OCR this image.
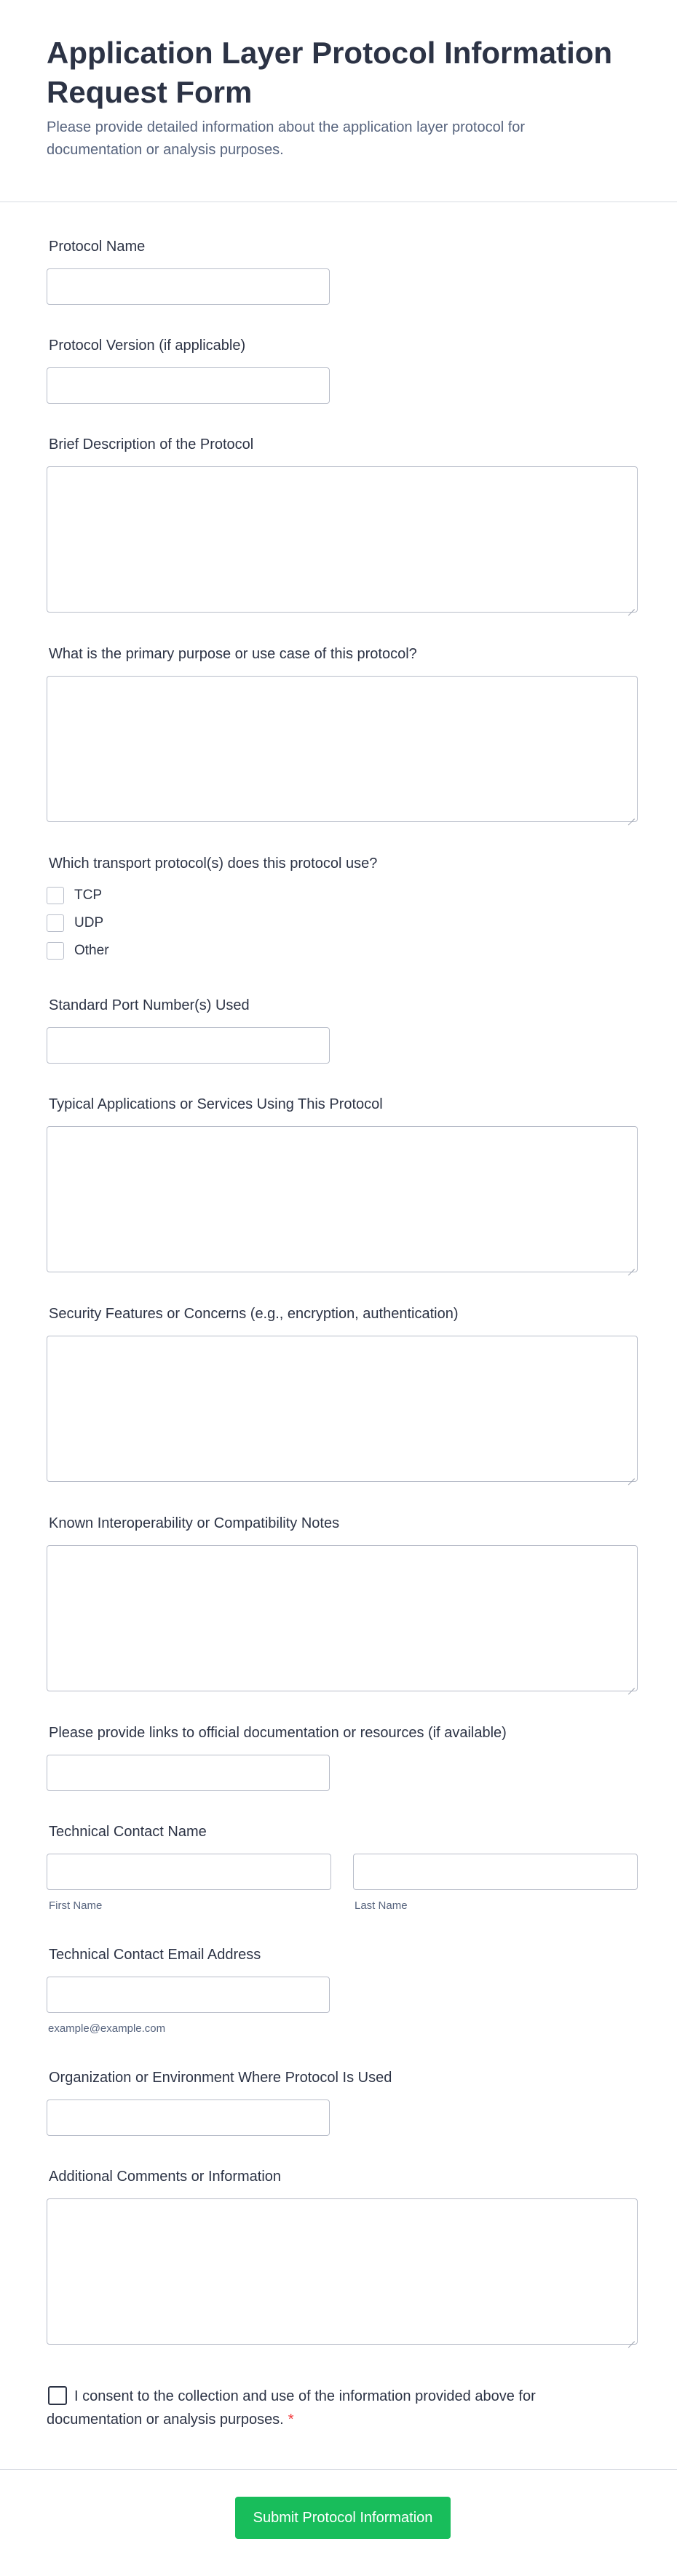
Application Layer Protocol Information Request Form

Please provide detailed information about the application layer protocol for documentation or analysis purposes.

Protocol Name
Protocol Version (if applicable)
Brief Description of the Protocol
What is the primary purpose or use case of this protocol?
Which transport protocol(s) does this protocol use?
TCP
UDP
Other
Standard Port Number(s) Used
Typical Applications or Services Using This Protocol
Security Features or Concerns (e.g., encryption, authentication)
Known Interoperability or Compatibility Notes
Please provide links to official documentation or resources (if available)
Technical Contact Name
First Name	Last Name
Technical Contact Email Address
example@example.com
Organization or Environment Where Protocol Is Used
Additional Comments or Information
I consent to the collection and use of the information provided above for documentation or analysis purposes. *
Submit Protocol Information
